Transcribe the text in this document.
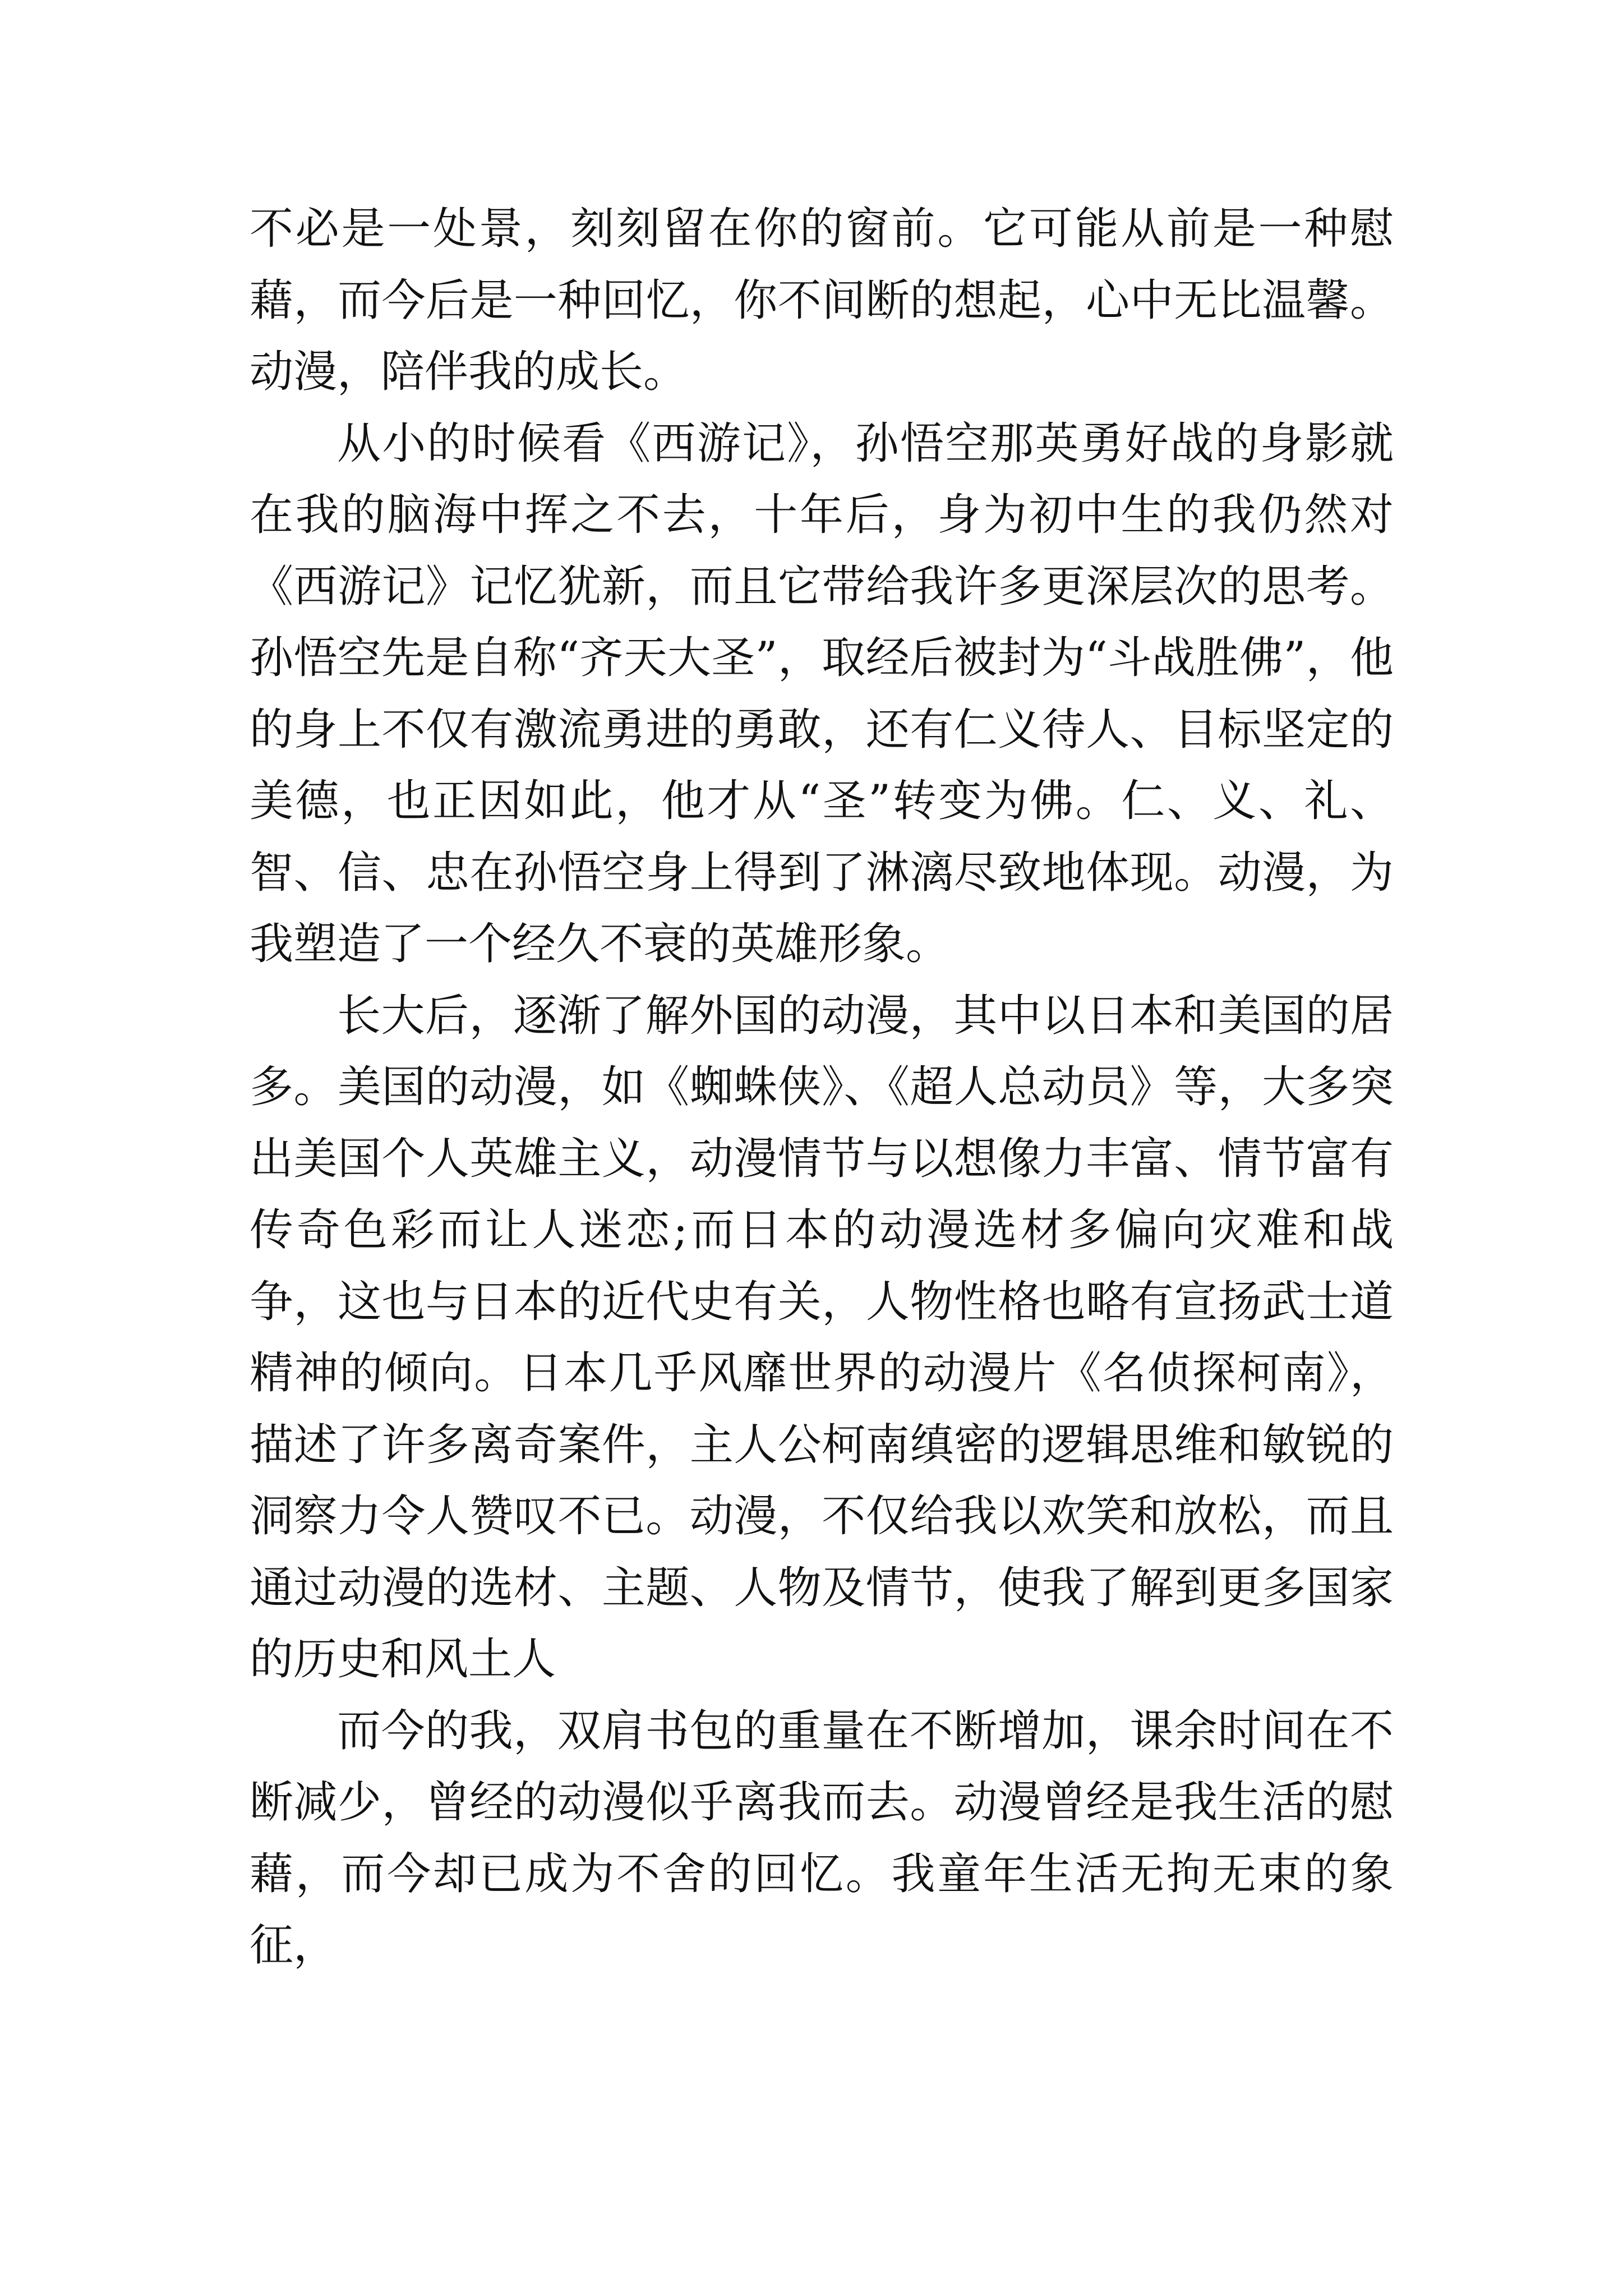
不必是一处景，刻刻留在你的窗前。它可能从前是一种慰藉，而今后是一种回忆，你不间断的想起，心中无比温馨。动漫，陪伴我的成长。

从小的时候看《西游记》，孙悟空那英勇好战的身影就在我的脑海中挥之不去，十年后，身为初中生的我仍然对《西游记》记忆犹新，而且它带给我许多更深层次的思考。孙悟空先是自称“齐天大圣”，取经后被封为“斗战胜佛”，他的身上不仅有激流勇进的勇敢，还有仁义待人、目标坚定的美德，也正因如此，他才从“圣”转变为佛。仁、义、礼、智、信、忠在孙悟空身上得到了淋漓尽致地体现。动漫，为我塑造了一个经久不衰的英雄形象。

长大后，逐渐了解外国的动漫，其中以日本和美国的居多。美国的动漫，如《蜘蛛侠》、《超人总动员》等，大多突出美国个人英雄主义，动漫情节与以想像力丰富、情节富有传奇色彩而让人迷恋;而日本的动漫选材多偏向灾难和战争，这也与日本的近代史有关，人物性格也略有宣扬武士道精神的倾向。日本几乎风靡世界的动漫片《名侦探柯南》，描述了许多离奇案件，主人公柯南缜密的逻辑思维和敏锐的洞察力令人赞叹不已。动漫，不仅给我以欢笑和放松，而且通过动漫的选材、主题、人物及情节，使我了解到更多国家的历史和风土人

而今的我，双肩书包的重量在不断增加，课余时间在不断减少，曾经的动漫似乎离我而去。动漫曾经是我生活的慰藉，而今却已成为不舍的回忆。我童年生活无拘无束的象征，
